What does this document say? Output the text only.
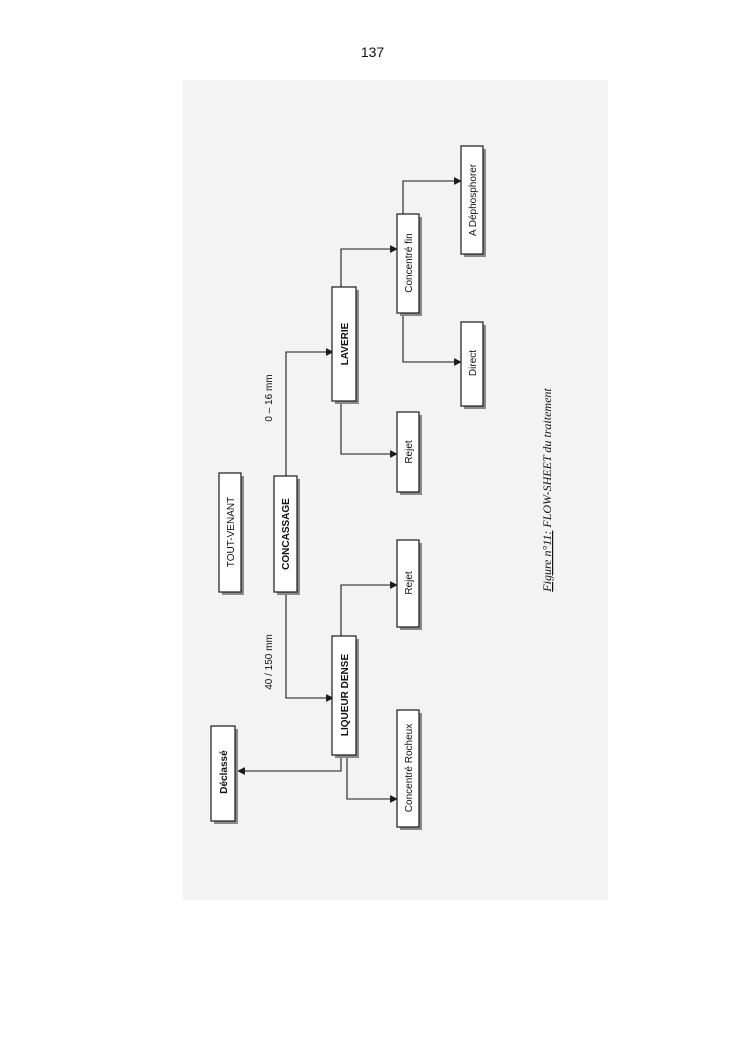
137
TOUT-VENANT	CONCASSAGE
LAVERIE
LIQUEUR DENSE
Concentré fin
Rejet
Rejet
Concentré Rocheux
A Déphosphorer
Direct
Déclassé
0 – 16 mm
40 / 150 mm
Figure n°11: FLOW-SHEET du traitement
